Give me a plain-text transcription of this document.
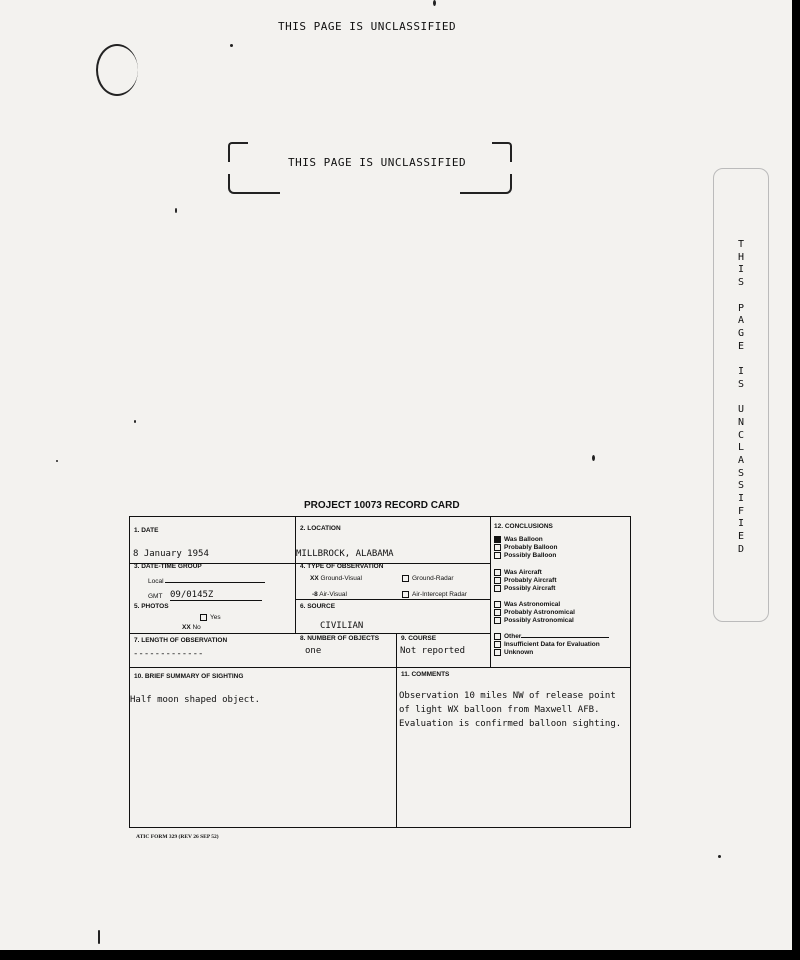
THIS PAGE IS UNCLASSIFIED
THIS PAGE IS UNCLASSIFIED
T
H
I
S

P
A
G
E

I
S

U
N
C
L
A
S
S
I
F
I
E
D
PROJECT 10073 RECORD CARD
1. DATE
8 January 1954
2. LOCATION
MILLBROCK, ALABAMA
3. DATE-TIME GROUP
Local
GMT 09/0145Z
4. TYPE OF OBSERVATION
XX Ground-Visual	Ground-Radar
-8 Air-Visual	Air-Intercept Radar
5. PHOTOS
Yes
XX No
6. SOURCE
CIVILIAN
7. LENGTH OF OBSERVATION
-------------
8. NUMBER OF OBJECTS
one
9. COURSE
Not reported
10. BRIEF SUMMARY OF SIGHTING
Half moon shaped object.
11. COMMENTS
Observation 10 miles NW of release point
of light WX balloon from Maxwell AFB.
Evaluation is confirmed balloon sighting.
12. CONCLUSIONS
Was Balloon
Probably Balloon
Possibly Balloon
Was Aircraft
Probably Aircraft
Possibly Aircraft
Was Astronomical
Probably Astronomical
Possibly Astronomical
Other
Insufficient Data for Evaluation
Unknown
ATIC FORM 329 (REV 26 SEP 52)
